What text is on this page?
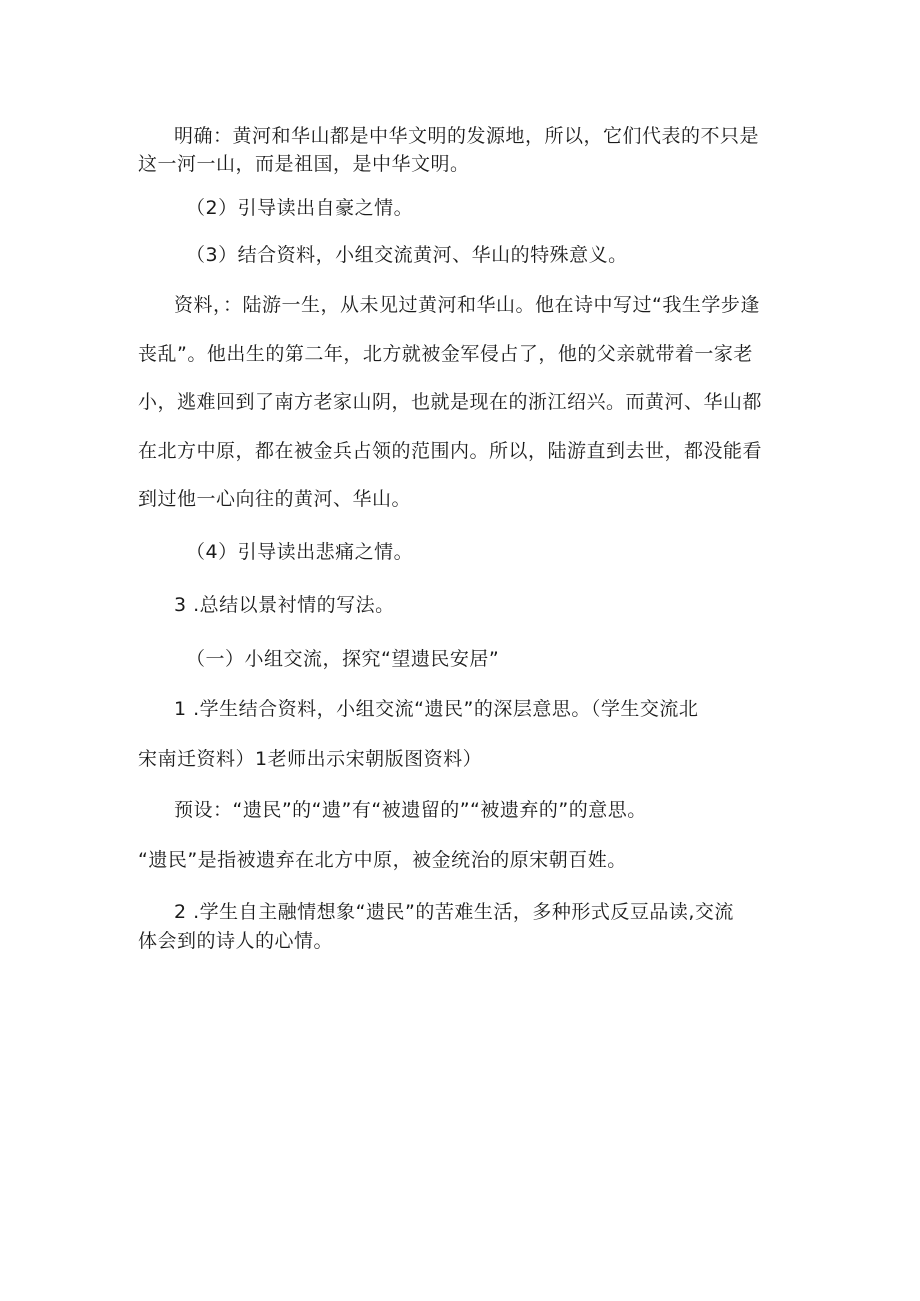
明确：黄河和华山都是中华文明的发源地，所以，它们代表的不只是
这一河一山，而是祖国，是中华文明。
（2）引导读出自豪之情。
（3）结合资料，小组交流黄河、华山的特殊意义。
资料，：陆游一生，从未见过黄河和华山。他在诗中写过“我生学步逢
丧乱”。他出生的第二年，北方就被金军侵占了，他的父亲就带着一家老
小，逃难回到了南方老家山阴，也就是现在的浙江绍兴。而黄河、华山都
在北方中原，都在被金兵占领的范围内。所以，陆游直到去世，都没能看
到过他一心向往的黄河、华山。
（4）引导读出悲痛之情。
3 .总结以景衬情的写法。
（一）小组交流，探究“望遗民安居”
1 .学生结合资料，小组交流“遗民”的深层意思。（学生交流北
宋南迁资料）1老师出示宋朝版图资料）
预设：“遗民”的“遗”有“被遗留的”“被遗弃的”的意思。
“遗民”是指被遗弃在北方中原，被金统治的原宋朝百姓。
2 .学生自主融情想象“遗民”的苦难生活，多种形式反豆品读,交流
体会到的诗人的心情。
